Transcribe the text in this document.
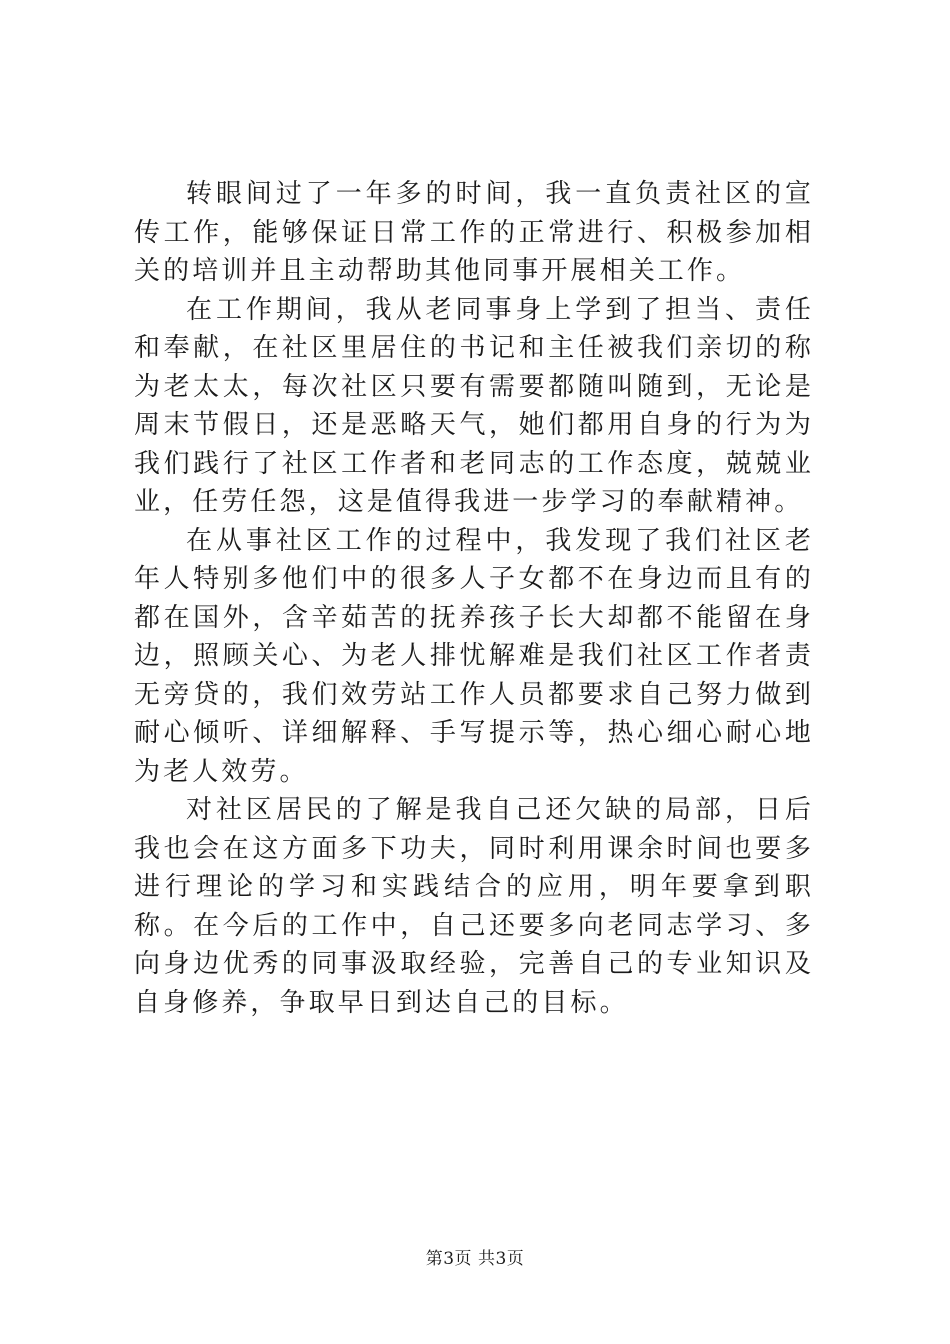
转眼间过了一年多的时间，我一直负责社区的宣传工作，能够保证日常工作的正常进行、积极参加相关的培训并且主动帮助其他同事开展相关工作。

在工作期间，我从老同事身上学到了担当、责任和奉献，在社区里居住的书记和主任被我们亲切的称为老太太，每次社区只要有需要都随叫随到，无论是周末节假日，还是恶略天气，她们都用自身的行为为我们践行了社区工作者和老同志的工作态度，兢兢业业，任劳任怨，这是值得我进一步学习的奉献精神。

在从事社区工作的过程中，我发现了我们社区老年人特别多他们中的很多人子女都不在身边而且有的都在国外，含辛茹苦的抚养孩子长大却都不能留在身边，照顾关心、为老人排忧解难是我们社区工作者责无旁贷的，我们效劳站工作人员都要求自己努力做到耐心倾听、详细解释、手写提示等，热心细心耐心地为老人效劳。

对社区居民的了解是我自己还欠缺的局部，日后我也会在这方面多下功夫，同时利用课余时间也要多进行理论的学习和实践结合的应用，明年要拿到职称。在今后的工作中，自己还要多向老同志学习、多向身边优秀的同事汲取经验，完善自己的专业知识及自身修养，争取早日到达自己的目标。

第3页 共3页
